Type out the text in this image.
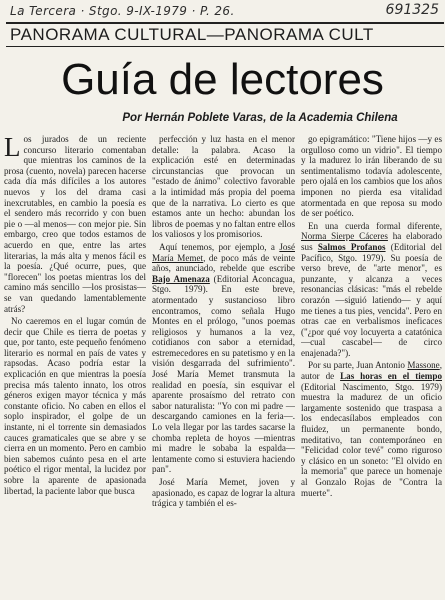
La Tercera · Stgo. 9-IX-1979 · P. 26.	691325
PANORAMA CULTURAL—PANORAMA CULT
Guía de lectores
Por Hernán Poblete Varas, de la Academia Chilena

Los jurados de un reciente concurso literario comentaban que mientras los caminos de la prosa (cuento, novela) parecen hacerse cada día más difíciles a los autores nuevos y los del drama casi inexcrutables, en cambio la poesía es el sendero más recorrido y con buen pie o —al menos— con mejor pie. Sin embargo, creo que todos estamos de acuerdo en que, entre las artes literarias, la más alta y menos fácil es la poesía. ¿Qué ocurre, pues, que "florecen" los poetas mientras los del camino más sencillo —los prosistas— se van quedando lamentablemente atrás?

No caeremos en el lugar común de decir que Chile es tierra de poetas y que, por tanto, este pequeño fenómeno literario es normal en país de vates y rapsodas. Acaso podría estar la explicación en que mientras la poesía precisa más talento innato, los otros géneros exigen mayor técnica y más constante oficio. No caben en ellos el soplo inspirador, el golpe de un instante, ni el torrente sin demasiados cauces gramaticales que se abre y se cierra en un momento. Pero en cambio bien sabemos cuánto pesa en el arte poético el rigor mental, la lucidez por sobre la aparente de apasionada libertad, la paciente labor que busca

perfección y luz hasta en el menor detalle: la palabra. Acaso la explicación esté en determinadas circunstancias que provocan un "estado de ánimo" colectivo favorable a la intimidad más propia del poema que de la narrativa. Lo cierto es que estamos ante un hecho: abundan los libros de poemas y no faltan entre ellos los valiosos y los promisorios.

Aquí tenemos, por ejemplo, a José María Memet, de poco más de veinte años, anunciado, rebelde que escribe Bajo Amenaza (Editorial Aconcagua, Stgo. 1979). En este breve, atormentado y sustancioso libro encontramos, como señala Hugo Montes en el prólogo, "unos poemas religiosos y humanos a la vez, cotidianos con sabor a eternidad, estremecedores en su patetismo y en la visión desgarrada del sufrimiento". José María Memet transmuta la realidad en poesía, sin esquivar el aparente prosaísmo del retrato con sabor naturalista: "Yo con mi padre —descargando camiones en la feria—. Lo vela llegar por las tardes sacarse la chomba repleta de hoyos —mientras mi madre le sobaba la espalda— lentamente como si estuviera haciendo pan".

José María Memet, joven y apasionado, es capaz de lograr la altura trágica y también el es-

go epigramático: "Tiene hijos —y es orgulloso como un vidrio". El tiempo y la madurez lo irán liberando de su sentimentalismo todavía adolescente, pero ojalá en los cambios que los años imponen no pierda esa vitalidad atormentada en que reposa su modo de ser poético.

En una cuerda formal diferente, Norma Sierpe Cáceres ha elaborado sus Salmos Profanos (Editorial del Pacífico, Stgo. 1979). Su poesía de verso breve, de "arte menor", es punzante, y alcanza a veces resonancias clásicas: "más el rebelde corazón —siguió latiendo— y aquí me tienes a tus pies, vencida". Pero en otras cae en verbalismos ineficaces ("¿por qué voy locuyerta a catatónica —cual cascabel— de circo enajenada?").

Por su parte, Juan Antonio Massone, autor de Las horas en el tiempo (Editorial Nascimento, Stgo. 1979) muestra la madurez de un oficio largamente sostenido que traspasa a los endecasílabos empleados con fluidez, un permanente bondo, meditativo, tan contemporáneo en "Felicidad color tevé" como riguroso y clásico en un soneto: "El olvido en la memoria" que parece un homenaje al Gonzalo Rojas de "Contra la muerte".
